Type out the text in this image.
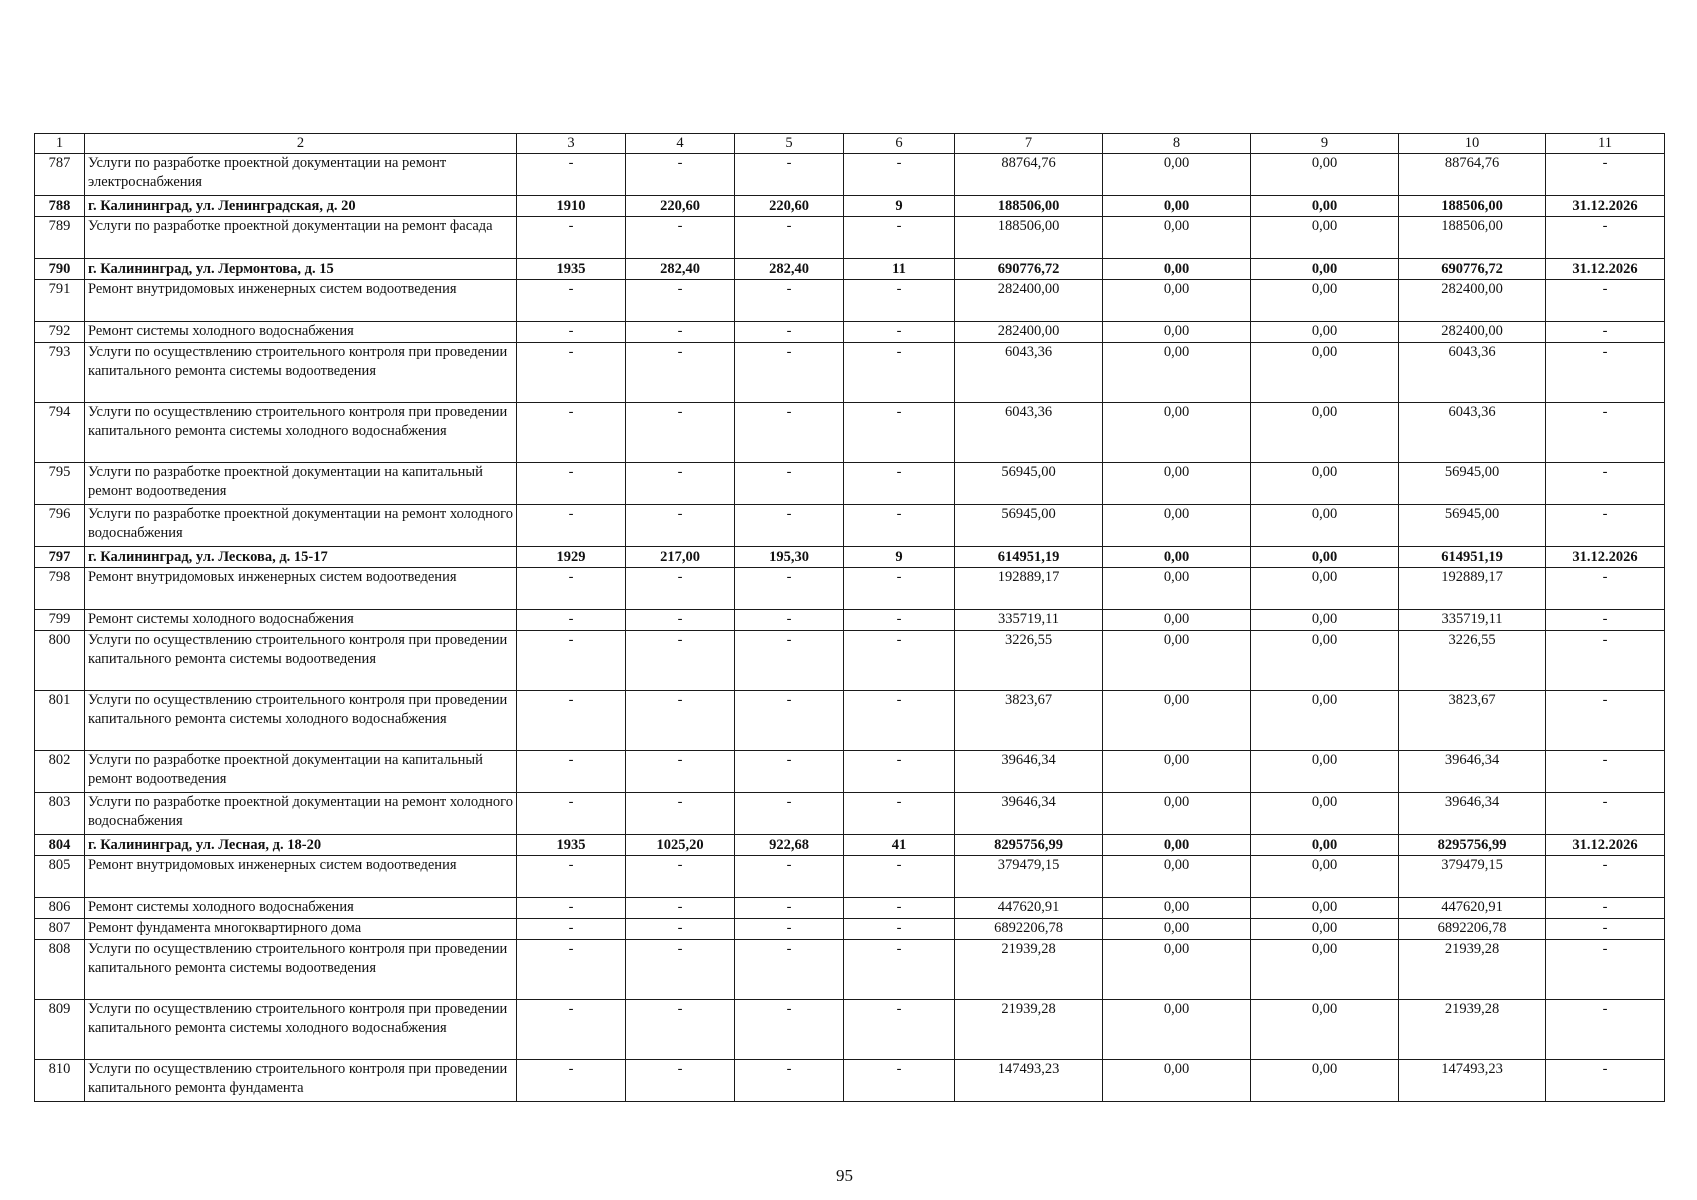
1	2	3	4	5	6	7	8	9	10	11
787	Услуги по разработке проектной документации на ремонт электроснабжения	-	-	-	-	88764,76	0,00	0,00	88764,76	-
788	г. Калининград, ул. Ленинградская, д. 20	1910	220,60	220,60	9	188506,00	0,00	0,00	188506,00	31.12.2026
789	Услуги по разработке проектной документации на ремонт фасада	-	-	-	-	188506,00	0,00	0,00	188506,00	-
790	г. Калининград, ул. Лермонтова, д. 15	1935	282,40	282,40	11	690776,72	0,00	0,00	690776,72	31.12.2026
791	Ремонт внутридомовых инженерных систем водоотведения	-	-	-	-	282400,00	0,00	0,00	282400,00	-
792	Ремонт системы холодного водоснабжения	-	-	-	-	282400,00	0,00	0,00	282400,00	-
793	Услуги по осуществлению строительного контроля при проведении капитального ремонта системы водоотведения	-	-	-	-	6043,36	0,00	0,00	6043,36	-
794	Услуги по осуществлению строительного контроля при проведении капитального ремонта системы холодного водоснабжения	-	-	-	-	6043,36	0,00	0,00	6043,36	-
795	Услуги по разработке проектной документации на капитальный ремонт водоотведения	-	-	-	-	56945,00	0,00	0,00	56945,00	-
796	Услуги по разработке проектной документации на ремонт холодного водоснабжения	-	-	-	-	56945,00	0,00	0,00	56945,00	-
797	г. Калининград, ул. Лескова, д. 15-17	1929	217,00	195,30	9	614951,19	0,00	0,00	614951,19	31.12.2026
798	Ремонт внутридомовых инженерных систем водоотведения	-	-	-	-	192889,17	0,00	0,00	192889,17	-
799	Ремонт системы холодного водоснабжения	-	-	-	-	335719,11	0,00	0,00	335719,11	-
800	Услуги по осуществлению строительного контроля при проведении капитального ремонта системы водоотведения	-	-	-	-	3226,55	0,00	0,00	3226,55	-
801	Услуги по осуществлению строительного контроля при проведении капитального ремонта системы холодного водоснабжения	-	-	-	-	3823,67	0,00	0,00	3823,67	-
802	Услуги по разработке проектной документации на капитальный ремонт водоотведения	-	-	-	-	39646,34	0,00	0,00	39646,34	-
803	Услуги по разработке проектной документации на ремонт холодного водоснабжения	-	-	-	-	39646,34	0,00	0,00	39646,34	-
804	г. Калининград, ул. Лесная, д. 18-20	1935	1025,20	922,68	41	8295756,99	0,00	0,00	8295756,99	31.12.2026
805	Ремонт внутридомовых инженерных систем водоотведения	-	-	-	-	379479,15	0,00	0,00	379479,15	-
806	Ремонт системы холодного водоснабжения	-	-	-	-	447620,91	0,00	0,00	447620,91	-
807	Ремонт фундамента многоквартирного дома	-	-	-	-	6892206,78	0,00	0,00	6892206,78	-
808	Услуги по осуществлению строительного контроля при проведении капитального ремонта системы водоотведения	-	-	-	-	21939,28	0,00	0,00	21939,28	-
809	Услуги по осуществлению строительного контроля при проведении капитального ремонта системы холодного водоснабжения	-	-	-	-	21939,28	0,00	0,00	21939,28	-
810	Услуги по осуществлению строительного контроля при проведении капитального ремонта фундамента	-	-	-	-	147493,23	0,00	0,00	147493,23	-
95
